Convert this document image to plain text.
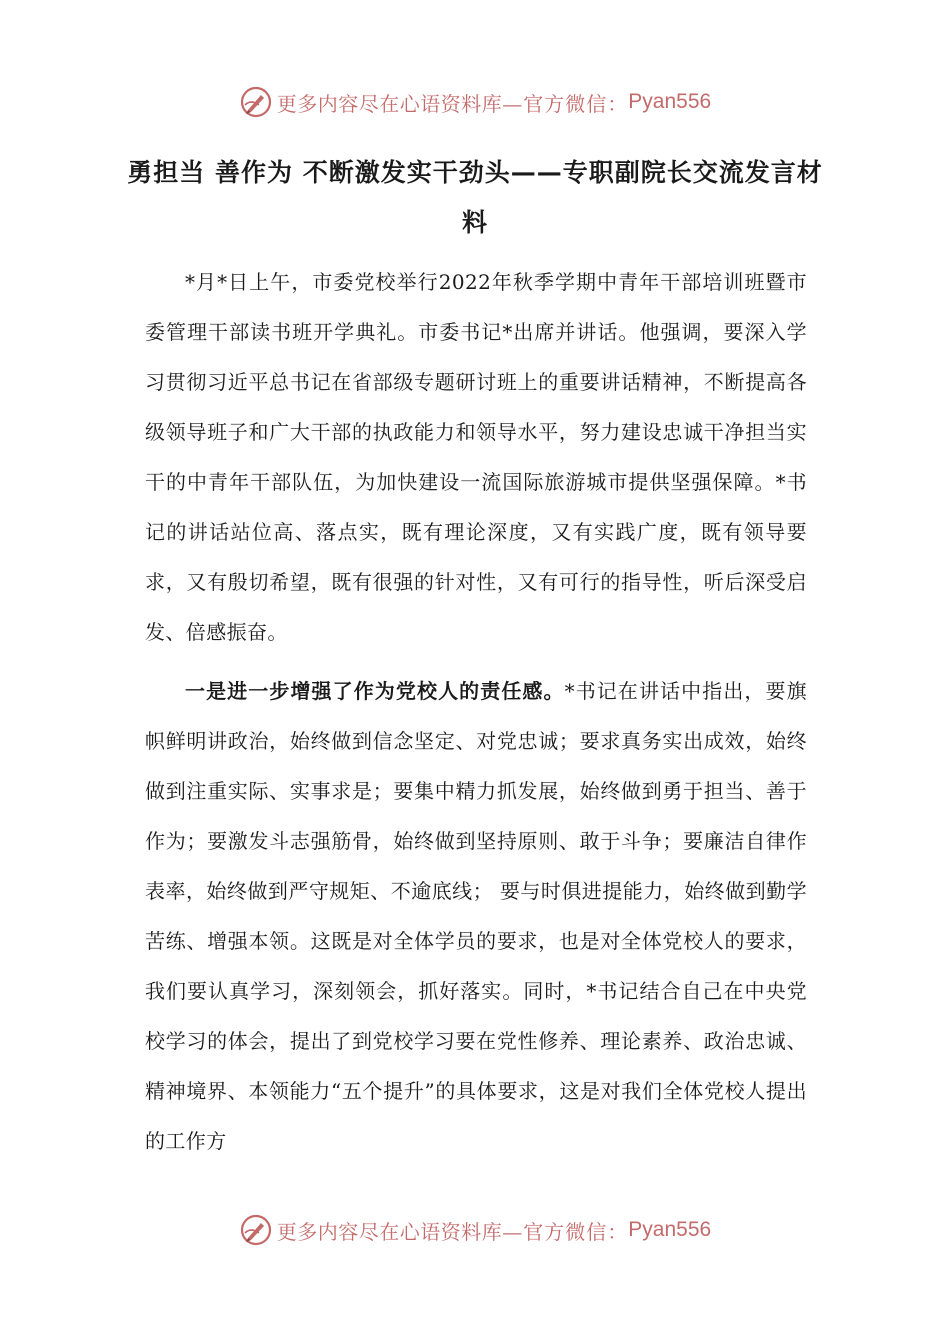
更多内容尽在心语资料库 —官方微信： Pyan556
勇担当 善作为 不断激发实干劲头——专职副院长交流发言材料

*月*日上午，市委党校举行2022年秋季学期中青年干部培训班暨市委管理干部读书班开学典礼。市委书记*出席并讲话。他强调，要深入学习贯彻习近平总书记在省部级专题研讨班上的重要讲话精神，不断提高各级领导班子和广大干部的执政能力和领导水平，努力建设忠诚干净担当实干的中青年干部队伍，为加快建设一流国际旅游城市提供坚强保障。*书记的讲话站位高、落点实，既有理论深度，又有实践广度，既有领导要求，又有殷切希望，既有很强的针对性，又有可行的指导性，听后深受启发、倍感振奋。

一是进一步增强了作为党校人的责任感。*书记在讲话中指出，要旗帜鲜明讲政治，始终做到信念坚定、对党忠诚；要求真务实出成效，始终做到注重实际、实事求是；要集中精力抓发展，始终做到勇于担当、善于作为；要激发斗志强筋骨，始终做到坚持原则、敢于斗争；要廉洁自律作表率，始终做到严守规矩、不逾底线； 要与时俱进提能力，始终做到勤学苦练、增强本领。这既是对全体学员的要求，也是对全体党校人的要求，我们要认真学习，深刻领会，抓好落实。同时，*书记结合自己在中央党校学习的体会，提出了到党校学习要在党性修养、理论素养、政治忠诚、精神境界、本领能力“五个提升”的具体要求，这是对我们全体党校人提出的工作方

更多内容尽在心语资料库 —官方微信： Pyan556
